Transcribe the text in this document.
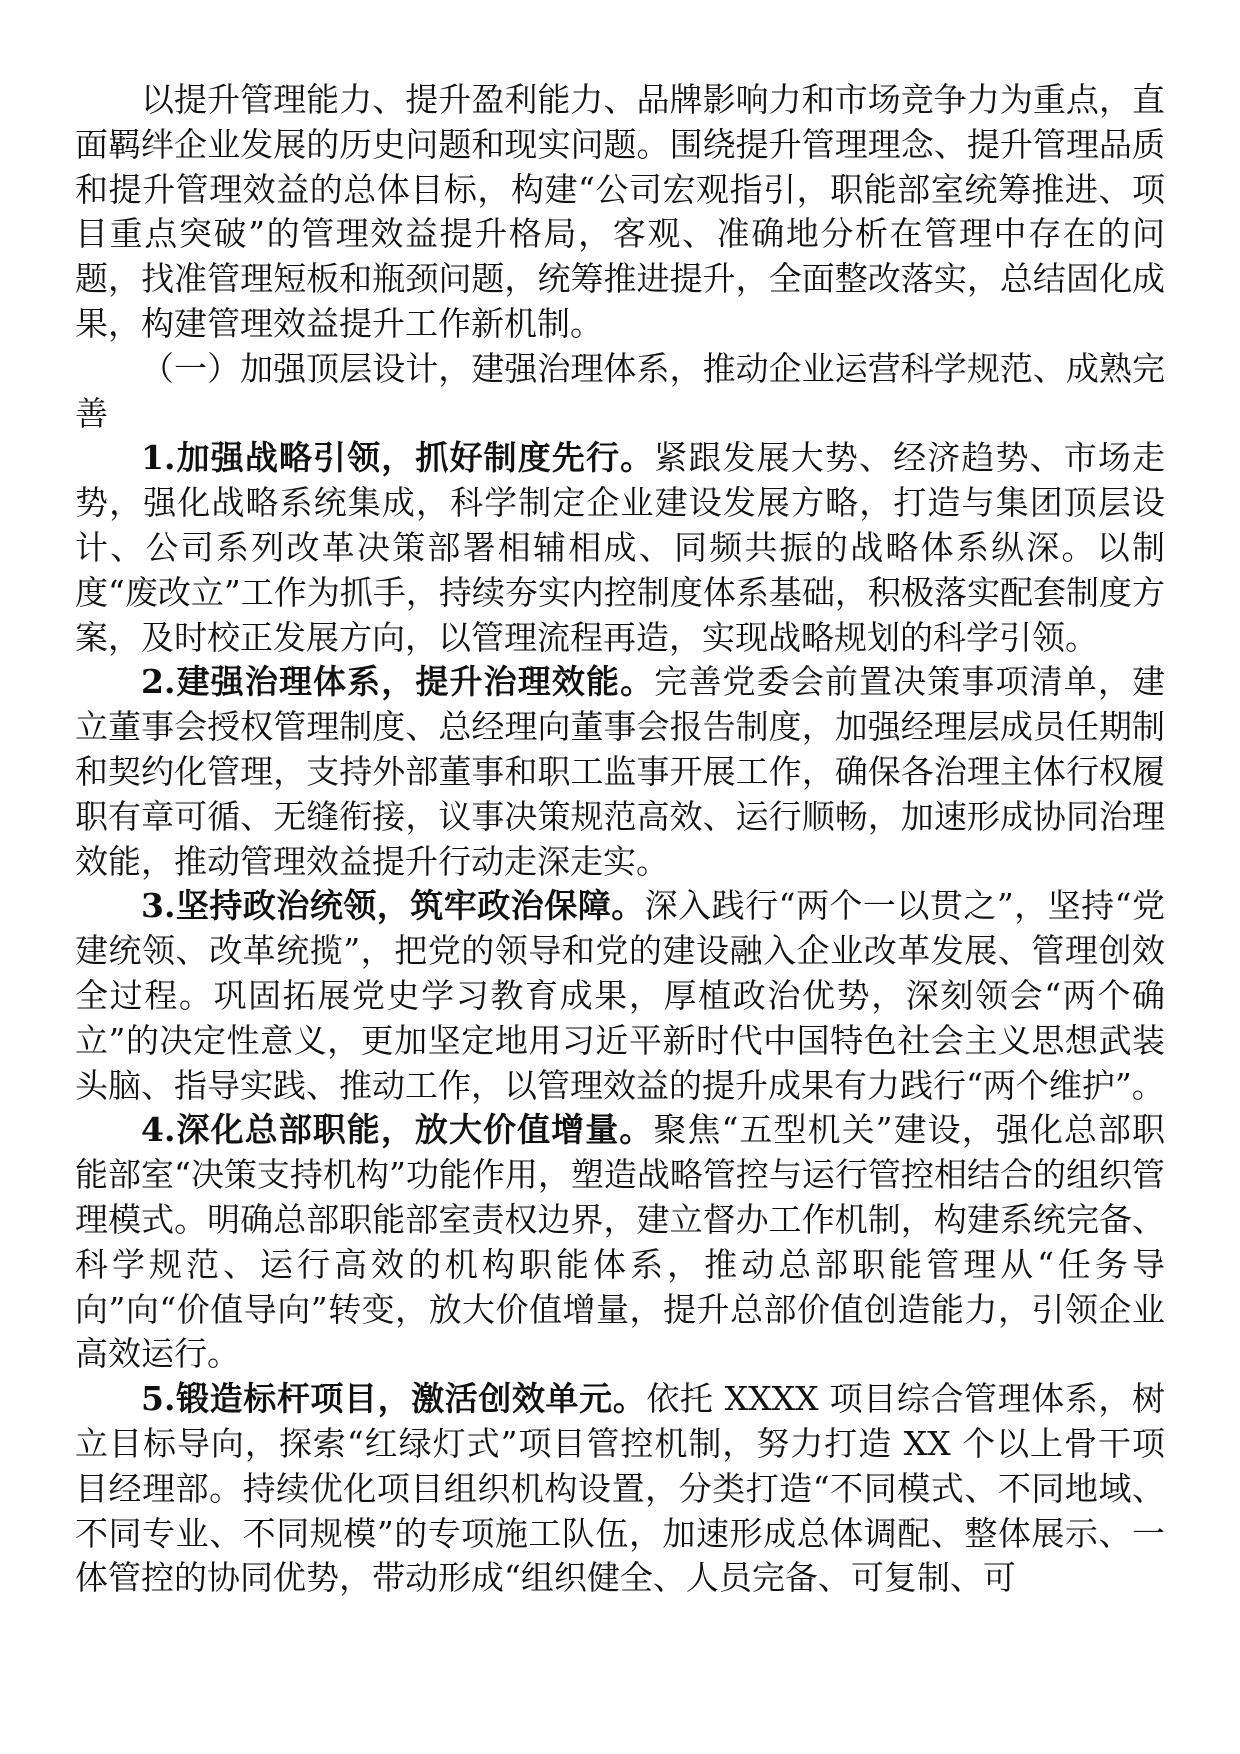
以提升管理能力、提升盈利能力、品牌影响力和市场竞争力为重点，直面羁绊企业发展的历史问题和现实问题。围绕提升管理理念、提升管理品质和提升管理效益的总体目标，构建“公司宏观指引，职能部室统筹推进、项目重点突破”的管理效益提升格局，客观、准确地分析在管理中存在的问题，找准管理短板和瓶颈问题，统筹推进提升，全面整改落实，总结固化成果，构建管理效益提升工作新机制。

（一）加强顶层设计，建强治理体系，推动企业运营科学规范、成熟完善

1.加强战略引领，抓好制度先行。紧跟发展大势、经济趋势、市场走势，强化战略系统集成，科学制定企业建设发展方略，打造与集团顶层设计、公司系列改革决策部署相辅相成、同频共振的战略体系纵深。以制度“废改立”工作为抓手，持续夯实内控制度体系基础，积极落实配套制度方案，及时校正发展方向，以管理流程再造，实现战略规划的科学引领。

2.建强治理体系，提升治理效能。完善党委会前置决策事项清单，建立董事会授权管理制度、总经理向董事会报告制度，加强经理层成员任期制和契约化管理，支持外部董事和职工监事开展工作，确保各治理主体行权履职有章可循、无缝衔接，议事决策规范高效、运行顺畅，加速形成协同治理效能，推动管理效益提升行动走深走实。

3.坚持政治统领，筑牢政治保障。深入践行“两个一以贯之”，坚持“党建统领、改革统揽”，把党的领导和党的建设融入企业改革发展、管理创效全过程。巩固拓展党史学习教育成果，厚植政治优势，深刻领会“两个确立”的决定性意义，更加坚定地用习近平新时代中国特色社会主义思想武装头脑、指导实践、推动工作，以管理效益的提升成果有力践行“两个维护”。

4.深化总部职能，放大价值增量。聚焦“五型机关”建设，强化总部职能部室“决策支持机构”功能作用，塑造战略管控与运行管控相结合的组织管理模式。明确总部职能部室责权边界，建立督办工作机制，构建系统完备、科学规范、运行高效的机构职能体系，推动总部职能管理从“任务导向”向“价值导向”转变，放大价值增量，提升总部价值创造能力，引领企业高效运行。

5.锻造标杆项目，激活创效单元。依托 XXXX 项目综合管理体系，树立目标导向，探索“红绿灯式”项目管控机制，努力打造 XX 个以上骨干项目经理部。持续优化项目组织机构设置，分类打造“不同模式、不同地域、不同专业、不同规模”的专项施工队伍，加速形成总体调配、整体展示、一体管控的协同优势，带动形成“组织健全、人员完备、可复制、可
